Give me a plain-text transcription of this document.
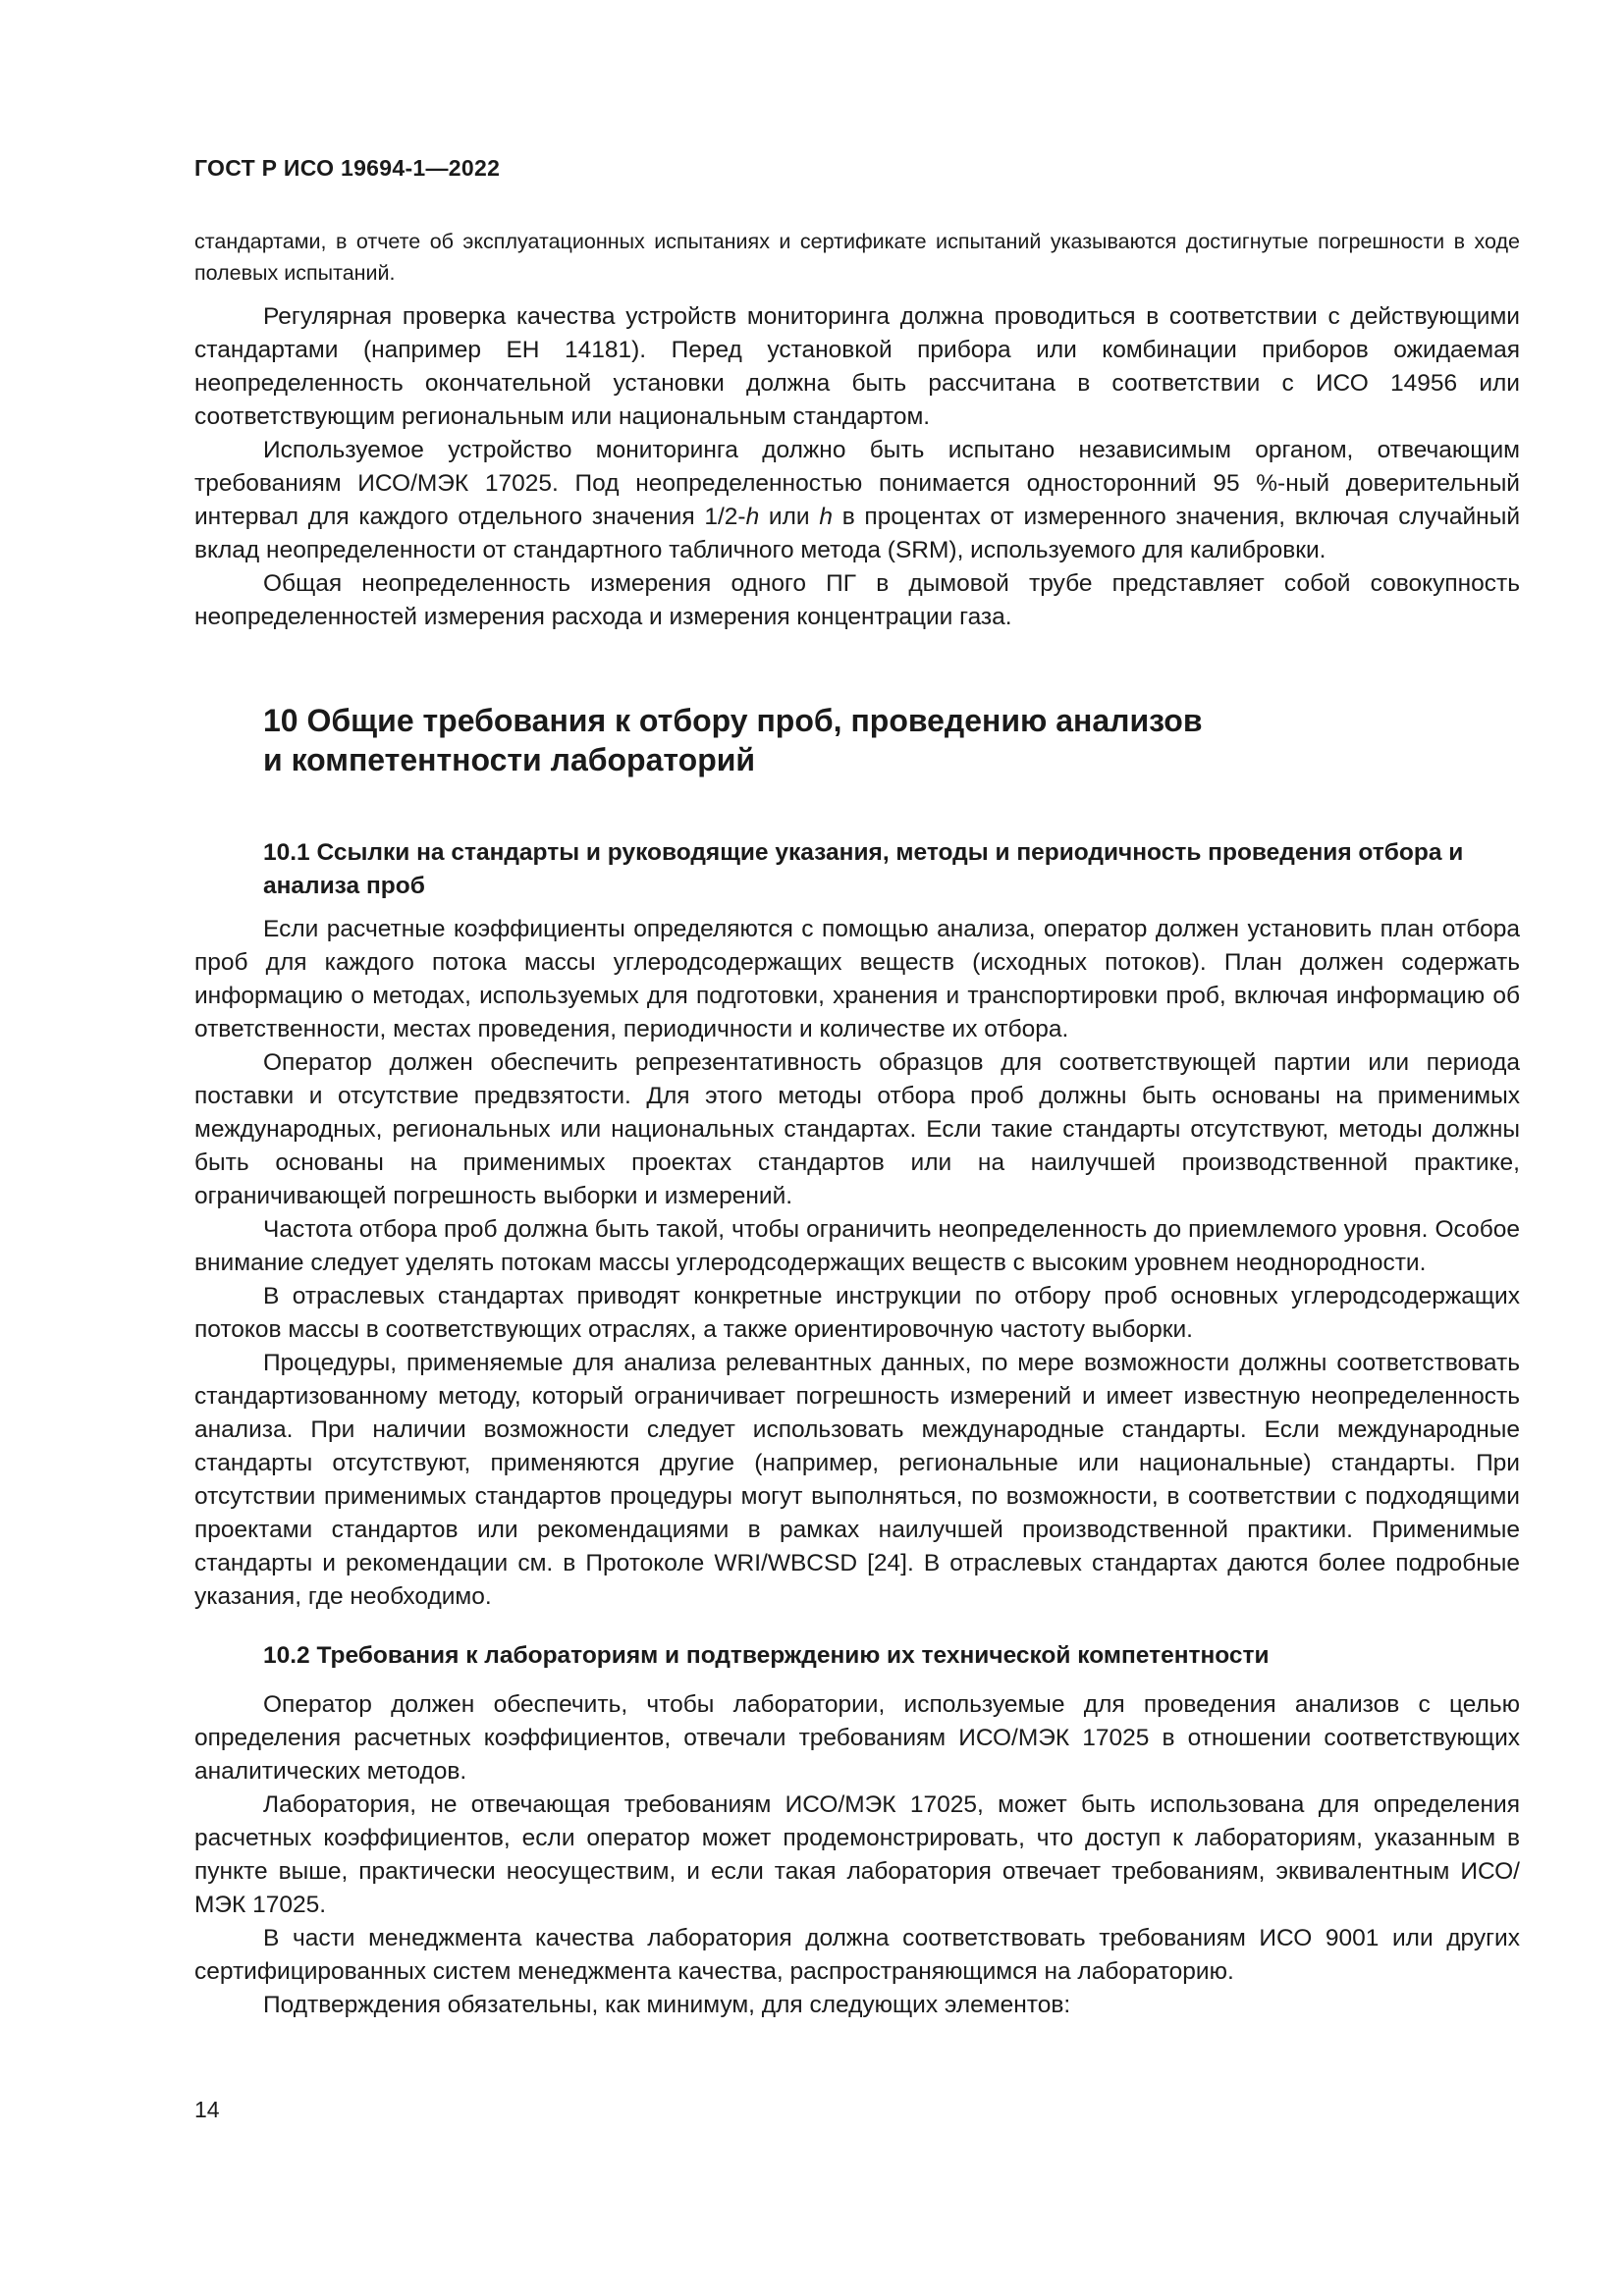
ГОСТ Р ИСО 19694-1—2022

стандартами, в отчете об эксплуатационных испытаниях и сертификате испытаний указываются достигнутые погрешности в ходе полевых испытаний.

Регулярная проверка качества устройств мониторинга должна проводиться в соответствии с действующими стандартами (например ЕН 14181). Перед установкой прибора или комбинации приборов ожидаемая неопределенность окончательной установки должна быть рассчитана в соответствии с ИСО 14956 или соответствующим региональным или национальным стандартом.

Используемое устройство мониторинга должно быть испытано независимым органом, отвечающим требованиям ИСО/МЭК 17025. Под неопределенностью понимается односторонний 95 %-ный доверительный интервал для каждого отдельного значения 1/2-h или h в процентах от измеренного значения, включая случайный вклад неопределенности от стандартного табличного метода (SRM), используемого для калибровки.

Общая неопределенность измерения одного ПГ в дымовой трубе представляет собой совокупность неопределенностей измерения расхода и измерения концентрации газа.

10 Общие требования к отбору проб, проведению анализов
и компетентности лабораторий
10.1 Ссылки на стандарты и руководящие указания, методы и периодичность проведения отбора и анализа проб

Если расчетные коэффициенты определяются с помощью анализа, оператор должен установить план отбора проб для каждого потока массы углеродсодержащих веществ (исходных потоков). План должен содержать информацию о методах, используемых для подготовки, хранения и транспортировки проб, включая информацию об ответственности, местах проведения, периодичности и количестве их отбора.

Оператор должен обеспечить репрезентативность образцов для соответствующей партии или периода поставки и отсутствие предвзятости. Для этого методы отбора проб должны быть основаны на применимых международных, региональных или национальных стандартах. Если такие стандарты отсутствуют, методы должны быть основаны на применимых проектах стандартов или на наилучшей производственной практике, ограничивающей погрешность выборки и измерений.

Частота отбора проб должна быть такой, чтобы ограничить неопределенность до приемлемого уровня. Особое внимание следует уделять потокам массы углеродсодержащих веществ с высоким уровнем неоднородности.

В отраслевых стандартах приводят конкретные инструкции по отбору проб основных углеродсодержащих потоков массы в соответствующих отраслях, а также ориентировочную частоту выборки.

Процедуры, применяемые для анализа релевантных данных, по мере возможности должны соответствовать стандартизованному методу, который ограничивает погрешность измерений и имеет известную неопределенность анализа. При наличии возможности следует использовать международные стандарты. Если международные стандарты отсутствуют, применяются другие (например, региональные или национальные) стандарты. При отсутствии применимых стандартов процедуры могут выполняться, по возможности, в соответствии с подходящими проектами стандартов или рекомендациями в рамках наилучшей производственной практики. Применимые стандарты и рекомендации см. в Протоколе WRI/WBCSD [24]. В отраслевых стандартах даются более подробные указания, где необходимо.

10.2 Требования к лабораториям и подтверждению их технической компетентности

Оператор должен обеспечить, чтобы лаборатории, используемые для проведения анализов с целью определения расчетных коэффициентов, отвечали требованиям ИСО/МЭК 17025 в отношении соответствующих аналитических методов.

Лаборатория, не отвечающая требованиям ИСО/МЭК 17025, может быть использована для определения расчетных коэффициентов, если оператор может продемонстрировать, что доступ к лабораториям, указанным в пункте выше, практически неосуществим, и если такая лаборатория отвечает требованиям, эквивалентным ИСО/МЭК 17025.

В части менеджмента качества лаборатория должна соответствовать требованиям ИСО 9001 или других сертифицированных систем менеджмента качества, распространяющимся на лабораторию.

Подтверждения обязательны, как минимум, для следующих элементов:

14
